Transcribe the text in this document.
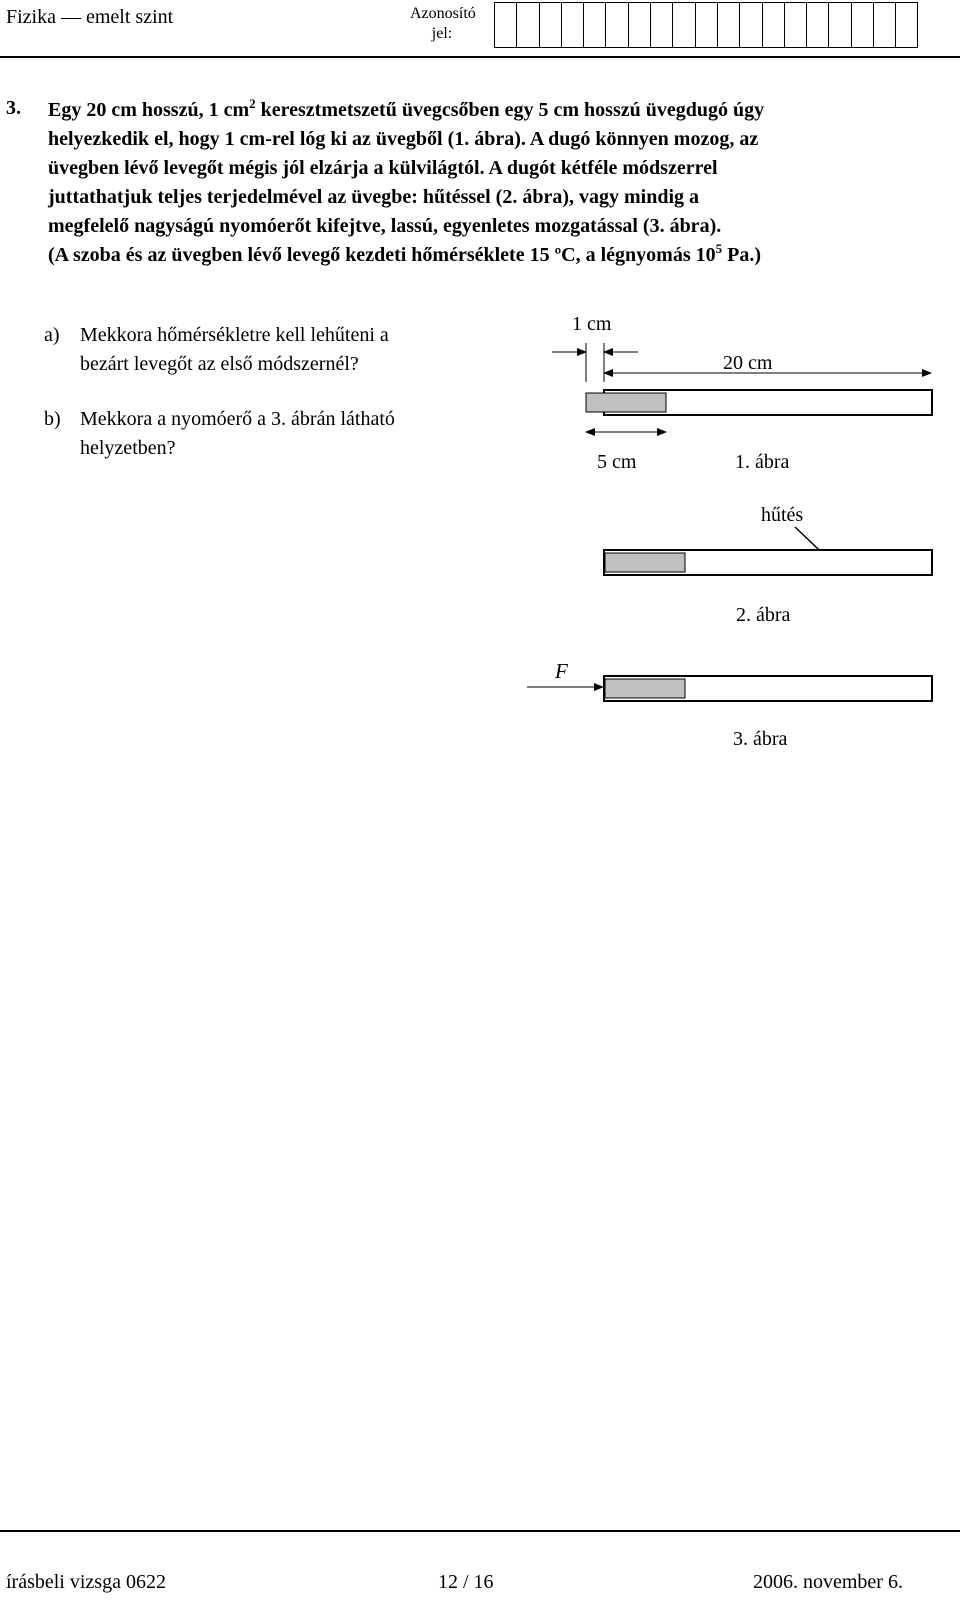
Fizika — emelt szint	Azonosító
jel:
3. Egy 20 cm hosszú, 1 $cm^2$ keresztmetszetű üvegcsőben egy 5 cm hosszú üvegdugó úgy
helyezkedik el, hogy 1 cm-rel lóg ki az üvegből (1. ábra). A dugó könnyen mozog, az
üvegben lévő levegőt mégis jól elzárja a külvilágtól. A dugót kétféle módszerrel
juttathatjuk teljes terjedelmével az üvegbe: hűtéssel (2. ábra), vagy mindig a
megfelelő nagyságú nyomóerőt kifejtve, lassú, egyenletes mozgatással (3. ábra).
(A szoba és az üvegben lévő levegő kezdeti hőmérséklete 15 ºC, a légnyomás $10^5$ Pa.)
a) Mekkora hőmérsékletre kell lehűteni a
bezárt levegőt az első módszernél?
b) Mekkora a nyomóerő a 3. ábrán látható
helyzetben?
1 cm
20 cm
5 cm	1. ábra
hűtés
2. ábra
F
3. ábra
írásbeli vizsga 0622	12 / 16	2006. november 6.
